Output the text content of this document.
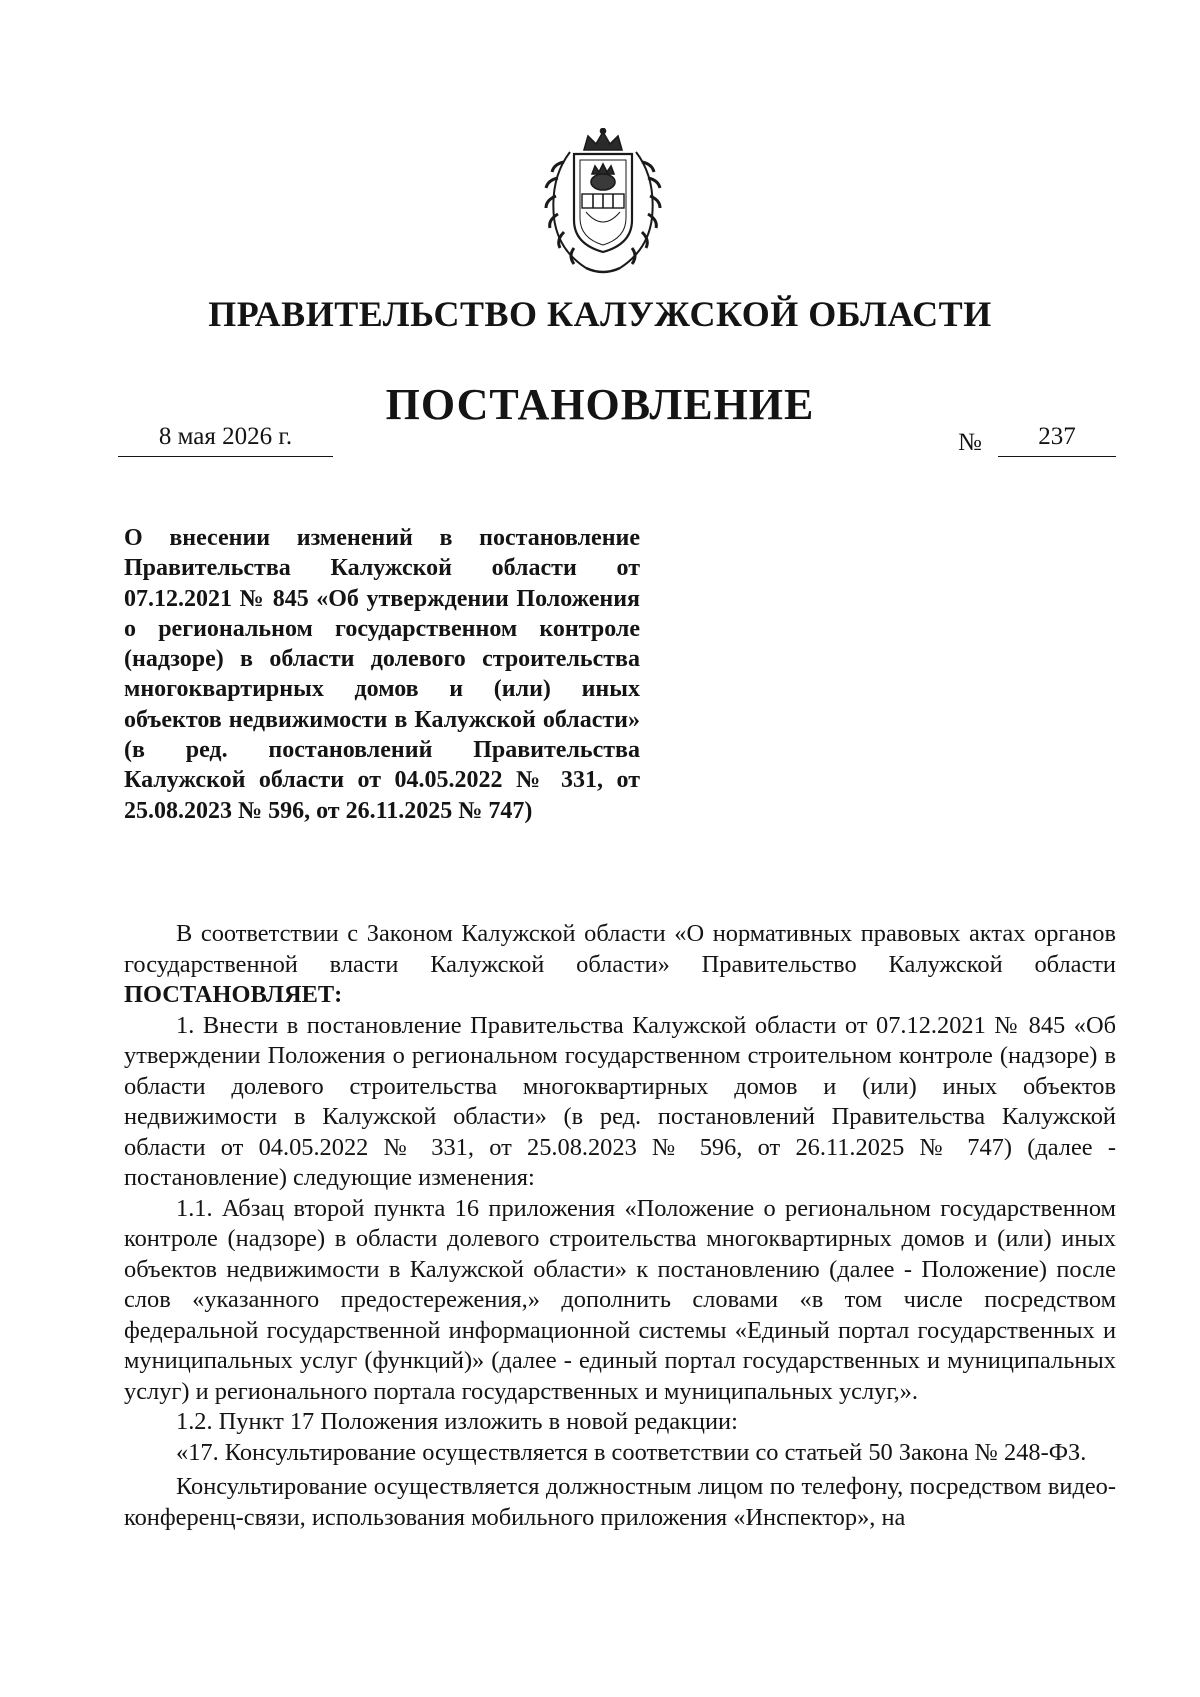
ПРАВИТЕЛЬСТВО КАЛУЖСКОЙ ОБЛАСТИ
ПОСТАНОВЛЕНИЕ
8 мая 2026 г.	№	237

О внесении изменений в постановление Правительства Калужской области от 07.12.2021 № 845 «Об утверждении Положения о региональном государственном контроле (надзоре) в области долевого строительства многоквартирных домов и (или) иных объектов недвижимости в Калужской области» (в ред. постановлений Правительства Калужской области от 04.05.2022 № 331, от 25.08.2023 № 596, от 26.11.2025 № 747)

В соответствии с Законом Калужской области «О нормативных правовых актах органов государственной власти Калужской области» Правительство Калужской области ПОСТАНОВЛЯЕТ:

1. Внести в постановление Правительства Калужской области от 07.12.2021 № 845 «Об утверждении Положения о региональном государственном строительном контроле (надзоре) в области долевого строительства многоквартирных домов и (или) иных объектов недвижимости в Калужской области» (в ред. постановлений Правительства Калужской области от 04.05.2022 № 331, от 25.08.2023 № 596, от 26.11.2025 № 747) (далее - постановление) следующие изменения:

1.1. Абзац второй пункта 16 приложения «Положение о региональном государственном контроле (надзоре) в области долевого строительства многоквартирных домов и (или) иных объектов недвижимости в Калужской области» к постановлению (далее - Положение) после слов «указанного предостережения,» дополнить словами «в том числе посредством федеральной государственной информационной системы «Единый портал государственных и муниципальных услуг (функций)» (далее - единый портал государственных и муниципальных услуг) и регионального портала государственных и муниципальных услуг,».

1.2. Пункт 17 Положения изложить в новой редакции:

«17. Консультирование осуществляется в соответствии со статьей 50 Закона № 248-ФЗ.

Консультирование осуществляется должностным лицом по телефону, посредством видео-конференц-связи, использования мобильного приложения «Инспектор», на
